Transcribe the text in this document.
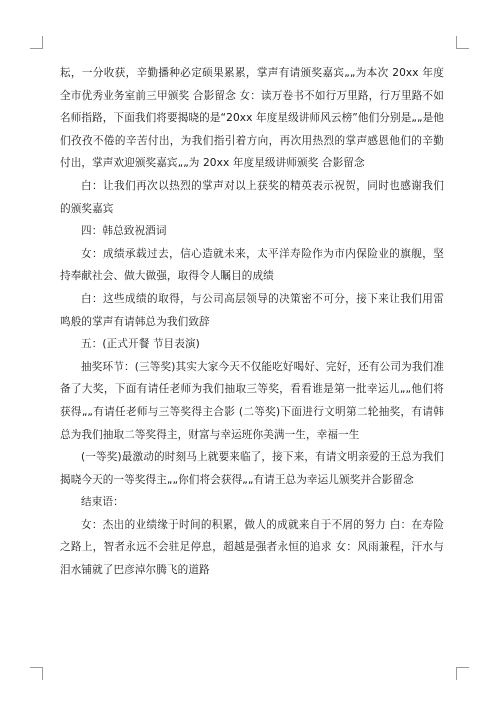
耘，一分收获，辛勤播种必定硕果累累，掌声有请颁奖嘉宾„„为本次 20xx 年度全市优秀业务室前三甲颁奖 合影留念 女：读万卷书不如行万里路，行万里路不如名师指路，下面我们将要揭晓的是“20xx 年度星级讲师风云榜”他们分别是„„是他们孜孜不倦的辛苦付出，为我们指引着方向，再次用热烈的掌声感恩他们的辛勤付出，掌声欢迎颁奖嘉宾„„为 20xx 年度星级讲师颁奖 合影留念

白：让我们再次以热烈的掌声对以上获奖的精英表示祝贺，同时也感谢我们的颁奖嘉宾

四：韩总致祝酒词

女：成绩承载过去，信心造就未来，太平洋寿险作为市内保险业的旗舰，坚持奉献社会、做大做强，取得令人瞩目的成绩

白：这些成绩的取得，与公司高层领导的决策密不可分，接下来让我们用雷鸣般的掌声有请韩总为我们致辞

五：(正式开餐 节目表演)

抽奖环节：(三等奖)其实大家今天不仅能吃好喝好、完好，还有公司为我们准备了大奖，下面有请任老师为我们抽取三等奖，看看谁是第一批幸运儿„„他们将获得„„有请任老师与三等奖得主合影 (二等奖)下面进行文明第二轮抽奖，有请韩总为我们抽取二等奖得主，财富与幸运班你美满一生，幸福一生

(一等奖)最激动的时刻马上就要来临了，接下来，有请文明亲爱的王总为我们揭晓今天的一等奖得主„„你们将会获得„„有请王总为幸运儿颁奖并合影留念

结束语：

女：杰出的业绩缘于时间的积累，做人的成就来自于不屑的努力 白：在寿险之路上，智者永远不会驻足停息，超越是强者永恒的追求 女：风雨兼程，汗水与泪水铺就了巴彦淖尔腾飞的道路
